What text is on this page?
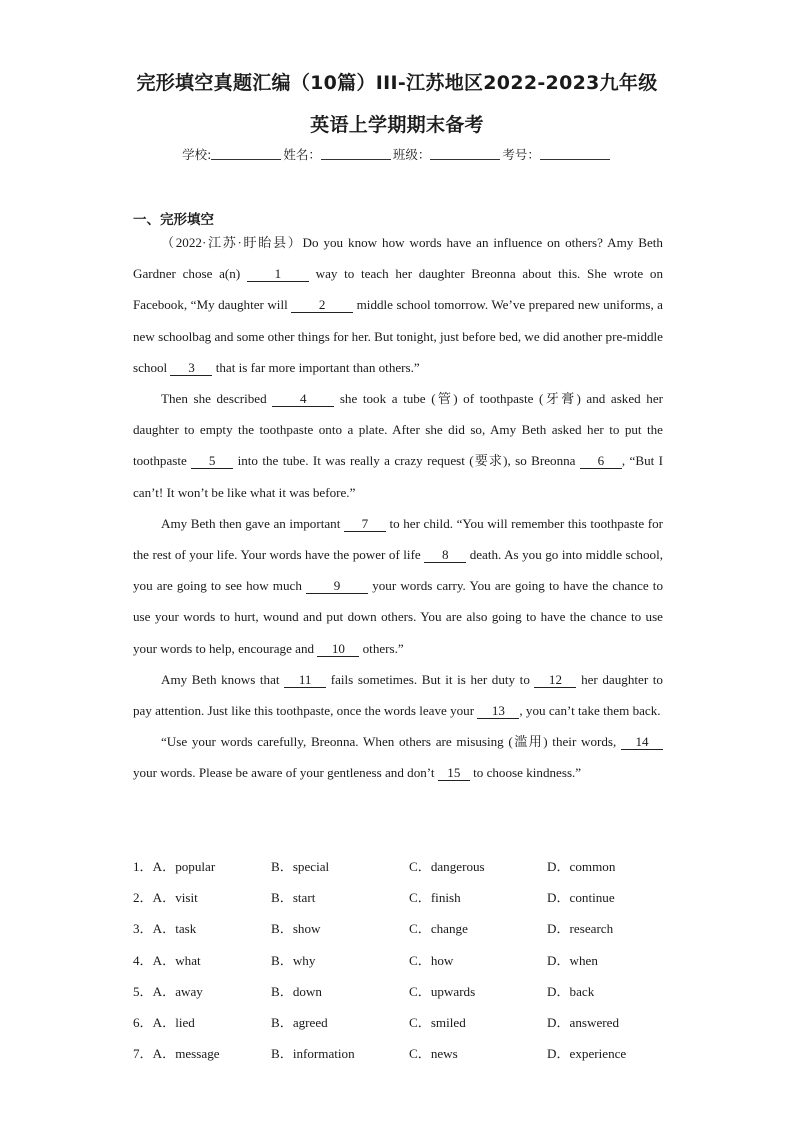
完形填空真题汇编（10篇）III-江苏地区2022-2023九年级
英语上学期期末备考
学校:	姓名：	班级：	考号：
一、完形填空

（2022·江苏·盱眙县）Do you know how words have an influence on others? Amy Beth Gardner chose a(n) 1 way to teach her daughter Breonna about this. She wrote on Facebook, “My daughter will 2 middle school tomorrow. We’ve prepared new uniforms, a new schoolbag and some other things for her. But tonight, just before bed, we did another pre-middle school 3 that is far more important than others.”

Then she described 4 she took a tube (管) of toothpaste (牙膏) and asked her daughter to empty the toothpaste onto a plate. After she did so, Amy Beth asked her to put the toothpaste 5 into the tube. It was really a crazy request (要求), so Breonna 6 , “But I can’t! It won’t be like what it was before.”

Amy Beth then gave an important 7 to her child. “You will remember this toothpaste for the rest of your life. Your words have the power of life 8 death. As you go into middle school, you are going to see how much 9 your words carry. You are going to have the chance to use your words to hurt, wound and put down others. You are also going to have the chance to use your words to help, encourage and 10 others.”

Amy Beth knows that 11 fails sometimes. But it is her duty to 12 her daughter to pay attention. Just like this toothpaste, once the words leave your 13 , you can’t take them back.

“Use your words carefully, Breonna. When others are misusing (滥用) their words, 14 your words. Please be aware of your gentleness and don’t 15 to choose kindness.”

1．A．popular	B．special	C．dangerous	D．common
2．A．visit	B．start	C．finish	D．continue
3．A．task	B．show	C．change	D．research
4．A．what	B．why	C．how	D．when
5．A．away	B．down	C．upwards	D．back
6．A．lied	B．agreed	C．smiled	D．answered
7．A．message	B．information	C．news	D．experience
